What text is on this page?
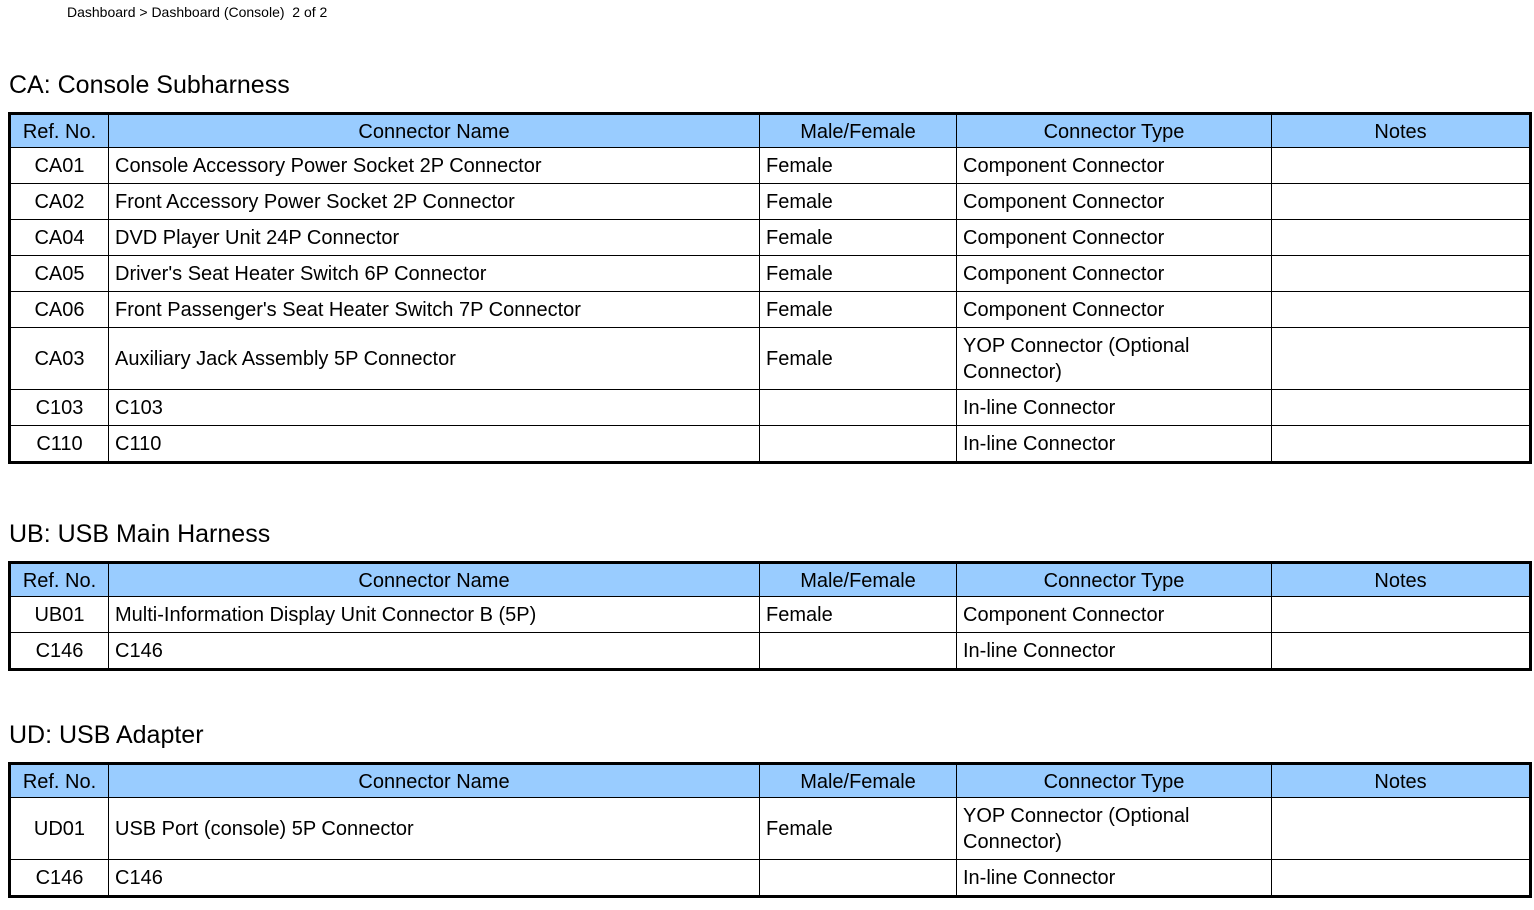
Dashboard > Dashboard (Console) 2 of 2
CA: Console Subharness
Ref. No.	Connector Name	Male/Female	Connector Type	Notes
CA01	Console Accessory Power Socket 2P Connector	Female	Component Connector	
CA02	Front Accessory Power Socket 2P Connector	Female	Component Connector	
CA04	DVD Player Unit 24P Connector	Female	Component Connector	
CA05	Driver's Seat Heater Switch 6P Connector	Female	Component Connector	
CA06	Front Passenger's Seat Heater Switch 7P Connector	Female	Component Connector	
CA03	Auxiliary Jack Assembly 5P Connector	Female	YOP Connector (Optional Connector)	
C103	C103		In-line Connector	
C110	C110		In-line Connector	
UB: USB Main Harness
Ref. No.	Connector Name	Male/Female	Connector Type	Notes
UB01	Multi-Information Display Unit Connector B (5P)	Female	Component Connector	
C146	C146		In-line Connector	
UD: USB Adapter
Ref. No.	Connector Name	Male/Female	Connector Type	Notes
UD01	USB Port (console) 5P Connector	Female	YOP Connector (Optional Connector)	
C146	C146		In-line Connector	
